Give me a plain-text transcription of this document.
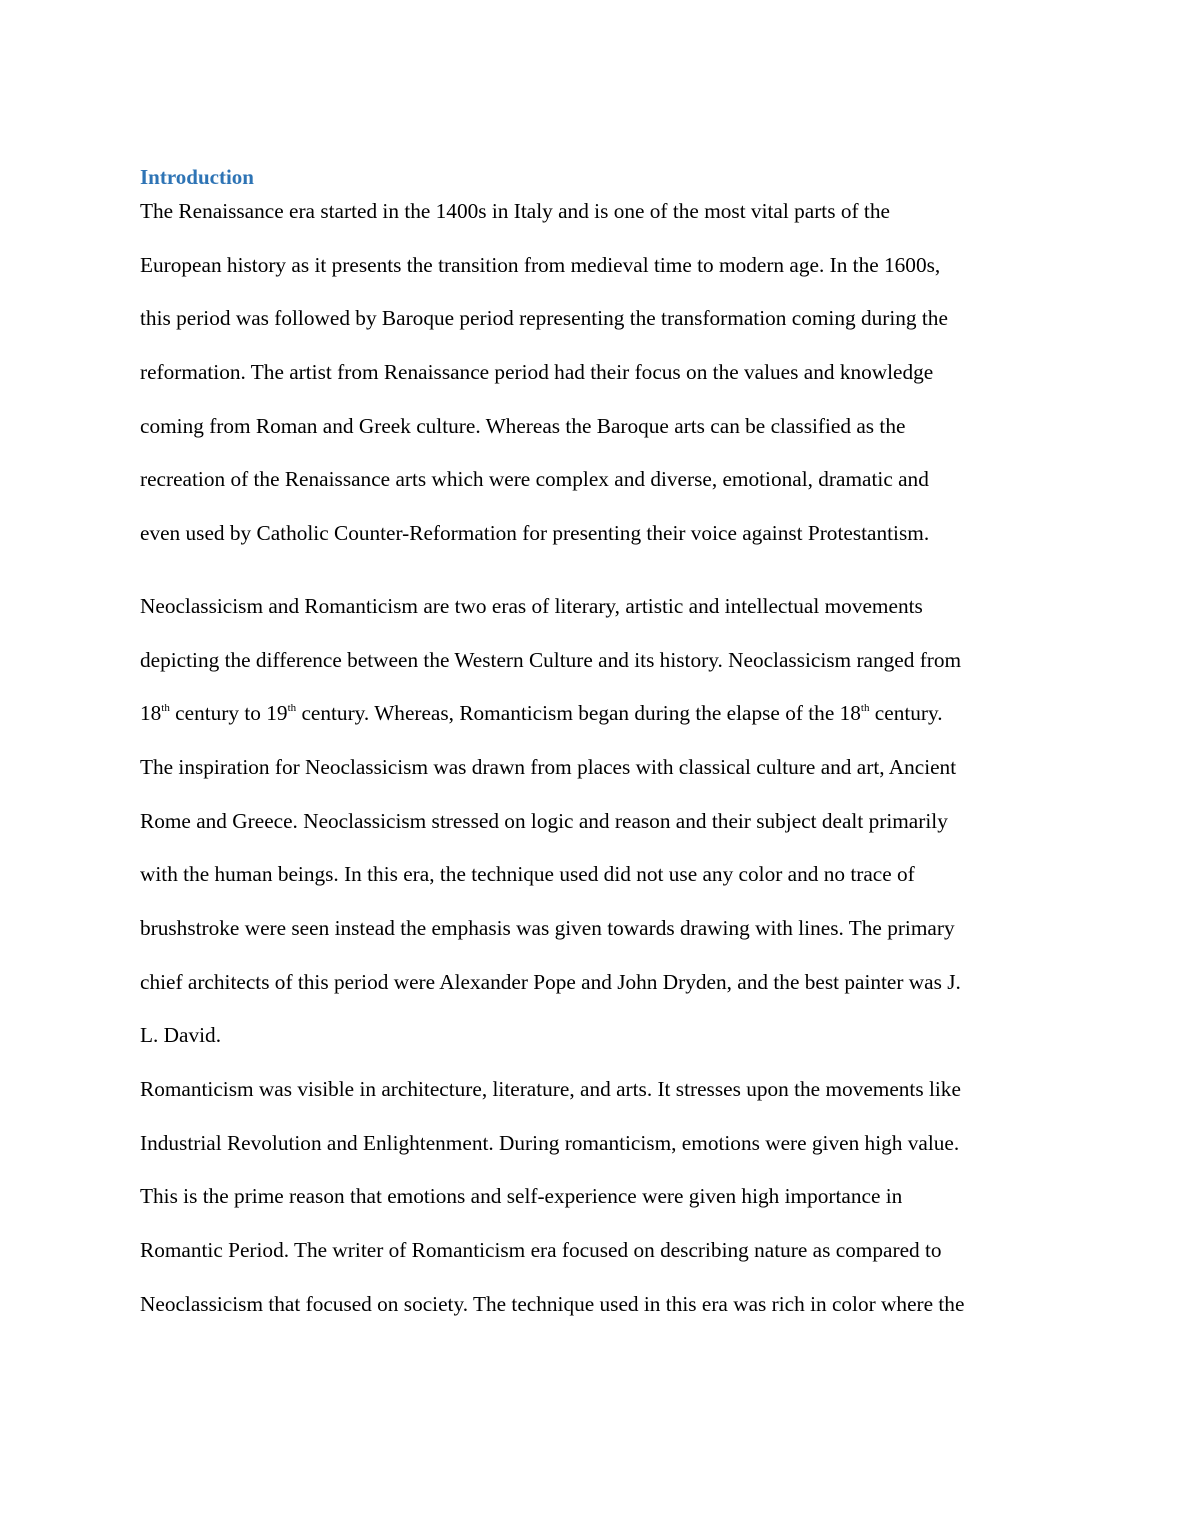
Introduction

The Renaissance era started in the 1400s in Italy and is one of the most vital parts of the
European history as it presents the transition from medieval time to modern age. In the 1600s,
this period was followed by Baroque period representing the transformation coming during the
reformation. The artist from Renaissance period had their focus on the values and knowledge
coming from Roman and Greek culture. Whereas the Baroque arts can be classified as the
recreation of the Renaissance arts which were complex and diverse, emotional, dramatic and
even used by Catholic Counter-Reformation for presenting their voice against Protestantism.

Neoclassicism and Romanticism are two eras of literary, artistic and intellectual movements
depicting the difference between the Western Culture and its history. Neoclassicism ranged from
18th century to 19th century. Whereas, Romanticism began during the elapse of the 18th century.
The inspiration for Neoclassicism was drawn from places with classical culture and art, Ancient
Rome and Greece. Neoclassicism stressed on logic and reason and their subject dealt primarily
with the human beings. In this era, the technique used did not use any color and no trace of
brushstroke were seen instead the emphasis was given towards drawing with lines. The primary
chief architects of this period were Alexander Pope and John Dryden, and the best painter was J.
L. David.

Romanticism was visible in architecture, literature, and arts. It stresses upon the movements like
Industrial Revolution and Enlightenment. During romanticism, emotions were given high value.
This is the prime reason that emotions and self-experience were given high importance in
Romantic Period. The writer of Romanticism era focused on describing nature as compared to
Neoclassicism that focused on society. The technique used in this era was rich in color where the
